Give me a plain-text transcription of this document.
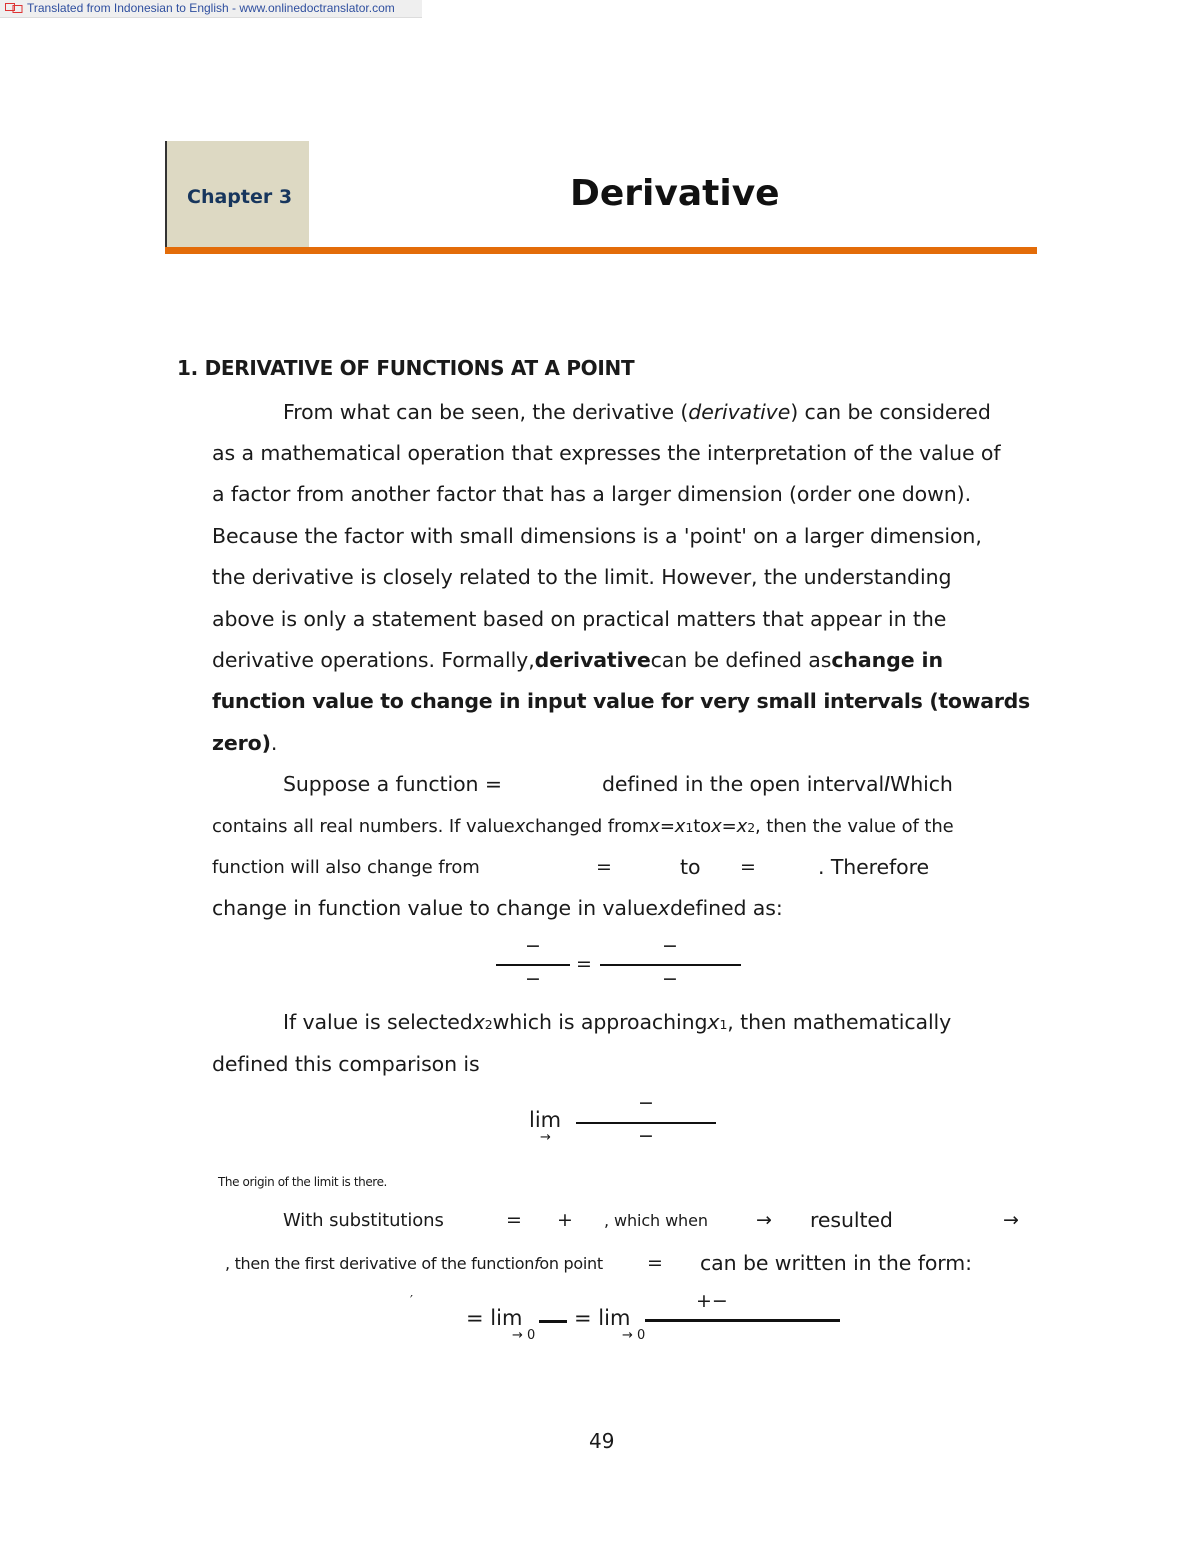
Translated from Indonesian to English - www.onlinedoctranslator.com
Chapter 3	Derivative
1. DERIVATIVE OF FUNCTIONS AT A POINT
From what can be seen, the derivative (derivative) can be considered
as a mathematical operation that expresses the interpretation of the value of
a factor from another factor that has a larger dimension (order one down).
Because the factor with small dimensions is a 'point' on a larger dimension,
the derivative is closely related to the limit. However, the understanding
above is only a statement based on practical matters that appear in the
derivative operations. Formally,derivativecan be defined aschange in
function value to change in input value for very small intervals (towards
zero).
Suppose a function =	defined in the open intervalIWhich
contains all real numbers. If valuexchanged fromx=x1tox=x2, then the value of the
function will also change from	=	to =	. Therefore
change in function value to change in valuexdefined as:
−
−
=
−
−
If value is selectedx2which is approachingx1, then mathematically
defined this comparison is
lim
→
−
−
The origin of the limit is there.
With substitutions	= + , which when	→ resulted	→
, then the first derivative of the functionfon point = can be written in the form:
′
= lim
→ 0
= lim
→ 0
+−
49
